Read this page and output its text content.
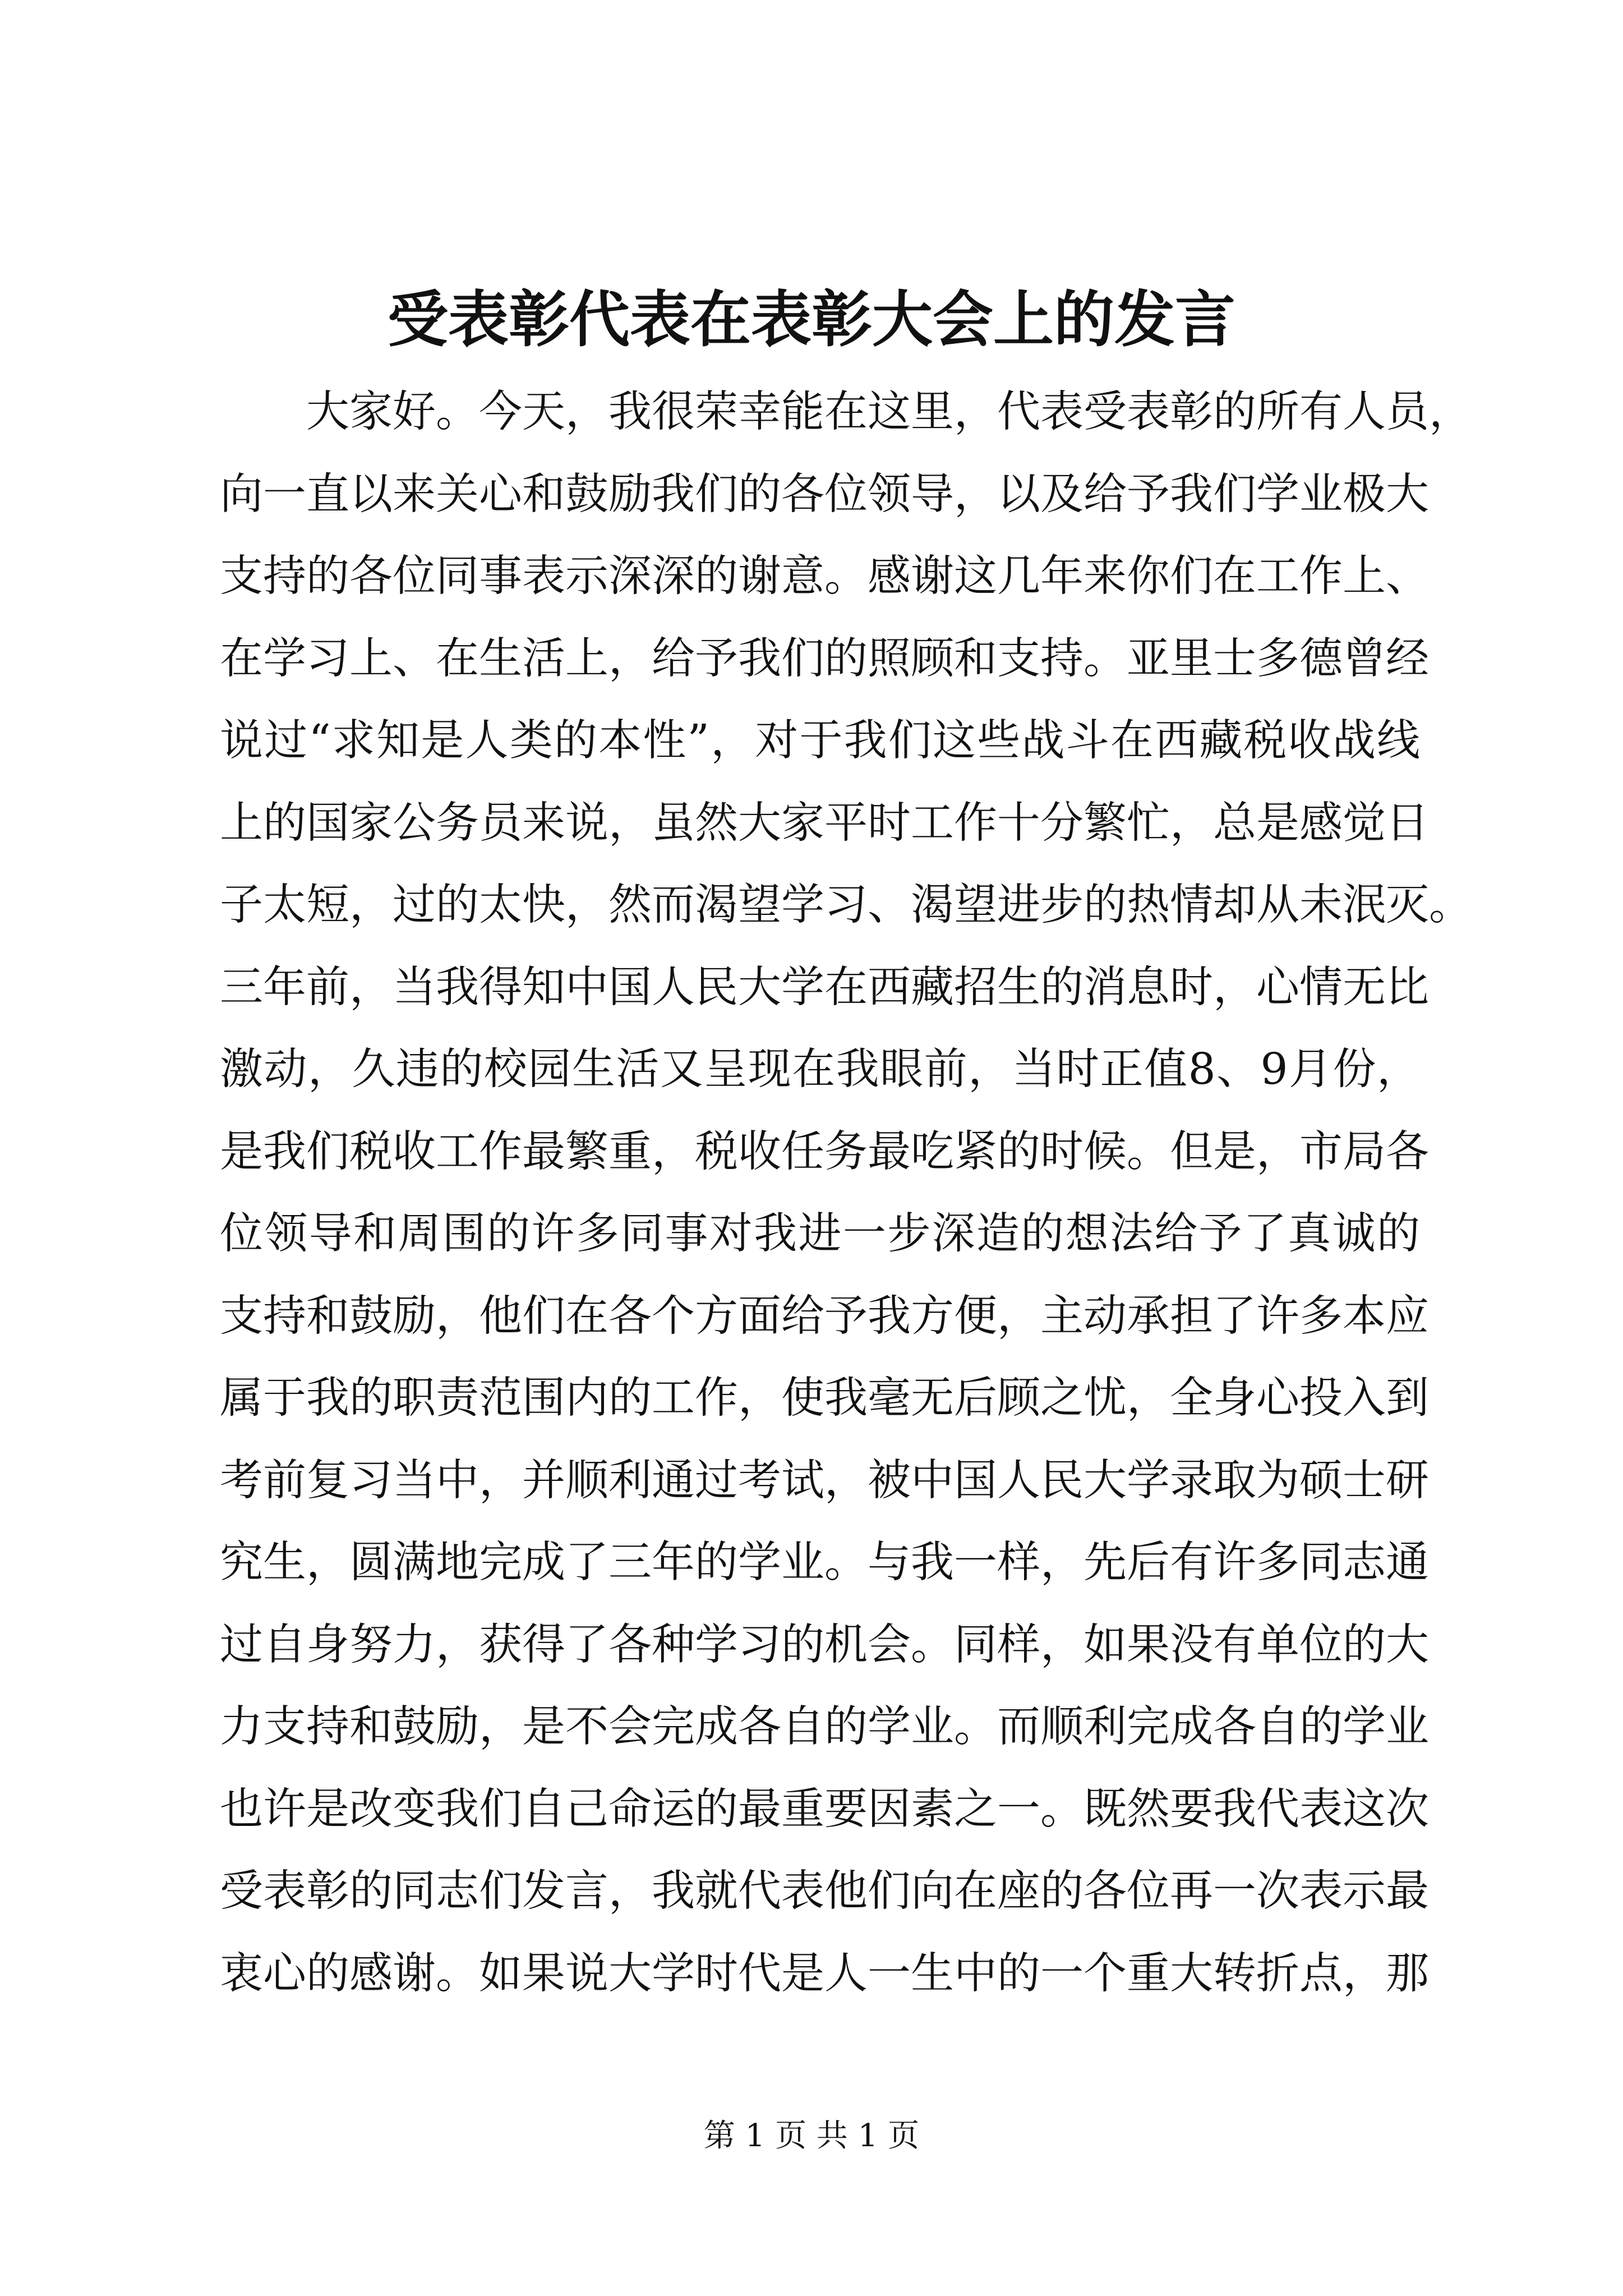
受表彰代表在表彰大会上的发言
大家好。今天，我很荣幸能在这里，代表受表彰的所有人员，
向一直以来关心和鼓励我们的各位领导，以及给予我们学业极大
支持的各位同事表示深深的谢意。感谢这几年来你们在工作上、
在学习上、在生活上，给予我们的照顾和支持。亚里士多德曾经
说过“求知是人类的本性”，对于我们这些战斗在西藏税收战线
上的国家公务员来说，虽然大家平时工作十分繁忙，总是感觉日
子太短，过的太快，然而渴望学习、渴望进步的热情却从未泯灭。
三年前，当我得知中国人民大学在西藏招生的消息时，心情无比
激动，久违的校园生活又呈现在我眼前，当时正值8、9月份，
是我们税收工作最繁重，税收任务最吃紧的时候。但是，市局各
位领导和周围的许多同事对我进一步深造的想法给予了真诚的
支持和鼓励，他们在各个方面给予我方便，主动承担了许多本应
属于我的职责范围内的工作，使我毫无后顾之忧，全身心投入到
考前复习当中，并顺利通过考试，被中国人民大学录取为硕士研
究生，圆满地完成了三年的学业。与我一样，先后有许多同志通
过自身努力，获得了各种学习的机会。同样，如果没有单位的大
力支持和鼓励，是不会完成各自的学业。而顺利完成各自的学业
也许是改变我们自己命运的最重要因素之一。既然要我代表这次
受表彰的同志们发言，我就代表他们向在座的各位再一次表示最
衷心的感谢。如果说大学时代是人一生中的一个重大转折点，那
第 1 页 共 1 页
